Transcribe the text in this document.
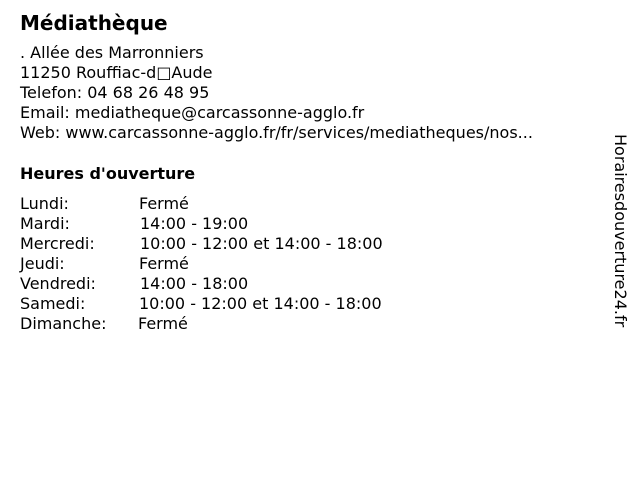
Médiathèque
. Allée des Marronniers
11250 Rouffiac-d□Aude
Telefon: 04 68 26 48 95
Email: mediatheque@carcassonne-agglo.fr
Web: www.carcassonne-agglo.fr/fr/services/mediatheques/nos...
Heures d'ouverture
Lundi:	Fermé
Mardi:	14:00 - 19:00
Mercredi:	10:00 - 12:00 et 14:00 - 18:00
Jeudi:	Fermé
Vendredi:	14:00 - 18:00
Samedi:	10:00 - 12:00 et 14:00 - 18:00
Dimanche: Fermé	Horairesdouverture24.fr
